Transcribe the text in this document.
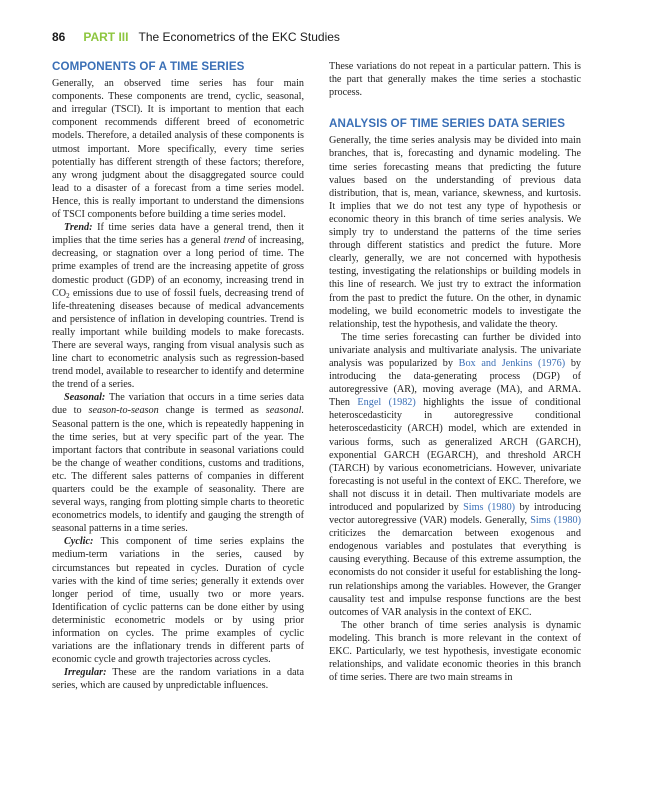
86 PART III The Econometrics of the EKC Studies
COMPONENTS OF A TIME SERIES

Generally, an observed time series has four main components. These components are trend, cyclic, seasonal, and irregular (TSCI). It is important to mention that each component recommends different breed of econometric models. Therefore, a detailed analysis of these components is utmost important. More specifically, every time series potentially has different strength of these factors; therefore, any wrong judgment about the disaggregated source could lead to a disaster of a forecast from a time series model. Hence, this is really important to understand the dimensions of TSCI components before building a time series model.

Trend: If time series data have a general trend, then it implies that the time series has a general trend of increasing, decreasing, or stagnation over a long period of time. The prime examples of trend are the increasing appetite of gross domestic product (GDP) of an economy, increasing trend in $CO_2$ emissions due to use of fossil fuels, decreasing trend of life-threatening diseases because of medical advancements and persistence of inflation in developing countries. Trend is really important while building models to make forecasts. There are several ways, ranging from visual analysis such as line chart to econometric analysis such as regression-based trend model, available to researcher to identify and determine the trend of a series.

Seasonal: The variation that occurs in a time series data due to season-to-season change is termed as seasonal. Seasonal pattern is the one, which is repeatedly happening in the time series, but at very specific part of the year. The important factors that contribute in seasonal variations could be the change of weather conditions, customs and traditions, etc. The different sales patterns of companies in different quarters could be the example of seasonality. There are several ways, ranging from plotting simple charts to theoretic econometrics models, to identify and gauging the strength of seasonal patterns in a time series.

Cyclic: This component of time series explains the medium-term variations in the series, caused by circumstances but repeated in cycles. Duration of cycle varies with the kind of time series; generally it extends over longer period of time, usually two or more years. Identification of cyclic patterns can be done either by using deterministic econometric models or by using prior information on cycles. The prime examples of cyclic variations are the inflationary trends in different parts of economic cycle and growth trajectories across cycles.

Irregular: These are the random variations in a data series, which are caused by unpredictable influences.

These variations do not repeat in a particular pattern. This is the part that generally makes the time series a stochastic process.

ANALYSIS OF TIME SERIES DATA SERIES

Generally, the time series analysis may be divided into main branches, that is, forecasting and dynamic modeling. The time series forecasting means that predicting the future values based on the understanding of previous data distribution, that is, mean, variance, skewness, and kurtosis. It implies that we do not test any type of hypothesis or economic theory in this branch of time series analysis. We simply try to understand the patterns of the time series through different statistics and predict the future. More clearly, generally, we are not concerned with hypothesis testing, investigating the relationships or building models in this line of research. We just try to extract the information from the past to predict the future. On the other, in dynamic modeling, we build econometric models to investigate the relationship, test the hypothesis, and validate the theory.

The time series forecasting can further be divided into univariate analysis and multivariate analysis. The univariate analysis was popularized by Box and Jenkins (1976) by introducing the data-generating process (DGP) of autoregressive (AR), moving average (MA), and ARMA. Then Engel (1982) highlights the issue of conditional heteroscedasticity in autoregressive conditional heteroscedasticity (ARCH) model, which are extended in various forms, such as generalized ARCH (GARCH), exponential GARCH (EGARCH), and threshold ARCH (TARCH) by various econometricians. However, univariate forecasting is not useful in the context of EKC. Therefore, we shall not discuss it in detail. Then multivariate models are introduced and popularized by Sims (1980) by introducing vector autoregressive (VAR) models. Generally, Sims (1980) criticizes the demarcation between exogenous and endogenous variables and postulates that everything is causing everything. Because of this extreme assumption, the economists do not consider it useful for establishing the long-run relationships among the variables. However, the Granger causality test and impulse response functions are the best outcomes of VAR analysis in the context of EKC.

The other branch of time series analysis is dynamic modeling. This branch is more relevant in the context of EKC. Particularly, we test hypothesis, investigate economic relationships, and validate economic theories in this branch of time series. There are two main streams in
